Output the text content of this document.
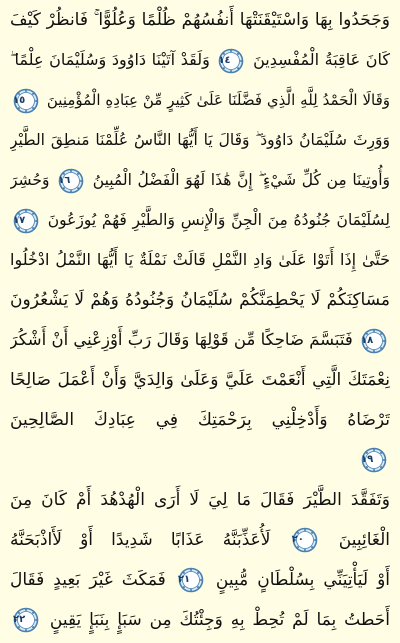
وَجَحَدُوا بِهَا وَاسْتَيْقَنَتْهَا أَنفُسُهُمْ ظُلْمًا وَعُلُوًّا ۚ فَانظُرْ كَيْفَ
كَانَ عَاقِبَةُ الْمُفْسِدِينَ
١٤
وَلَقَدْ آتَيْنَا دَاوُودَ وَسُلَيْمَانَ عِلْمًا ۖ
وَقَالَا الْحَمْدُ لِلَّهِ الَّذِي فَضَّلَنَا عَلَىٰ كَثِيرٍ مِّنْ عِبَادِهِ الْمُؤْمِنِينَ
١٥
وَوَرِثَ سُلَيْمَانُ دَاوُودَ ۖ وَقَالَ يَا أَيُّهَا النَّاسُ عُلِّمْنَا مَنطِقَ الطَّيْرِ
وَأُوتِينَا مِن كُلِّ شَيْءٍ ۖ إِنَّ هَٰذَا لَهُوَ الْفَضْلُ الْمُبِينُ
١٦
وَحُشِرَ
لِسُلَيْمَانَ جُنُودُهُ مِنَ الْجِنِّ وَالْإِنسِ وَالطَّيْرِ فَهُمْ يُوزَعُونَ
١٧
حَتَّىٰ إِذَا أَتَوْا عَلَىٰ وَادِ النَّمْلِ قَالَتْ نَمْلَةٌ يَا أَيُّهَا النَّمْلُ ادْخُلُوا
مَسَاكِنَكُمْ لَا يَحْطِمَنَّكُمْ سُلَيْمَانُ وَجُنُودُهُ وَهُمْ لَا يَشْعُرُونَ
١٨
فَتَبَسَّمَ ضَاحِكًا مِّن قَوْلِهَا وَقَالَ رَبِّ أَوْزِعْنِي أَنْ أَشْكُرَ
نِعْمَتَكَ الَّتِي أَنْعَمْتَ عَلَيَّ وَعَلَىٰ وَالِدَيَّ وَأَنْ أَعْمَلَ صَالِحًا
تَرْضَاهُ وَأَدْخِلْنِي بِرَحْمَتِكَ فِي عِبَادِكَ الصَّالِحِينَ
١٩
وَتَفَقَّدَ الطَّيْرَ فَقَالَ مَا لِيَ لَا أَرَى الْهُدْهُدَ أَمْ كَانَ مِنَ
الْغَائِبِينَ
٢٠
لَأُعَذِّبَنَّهُ عَذَابًا شَدِيدًا أَوْ لَأَاذْبَحَنَّهُ
أَوْ لَيَأْتِيَنِّي بِسُلْطَانٍ مُّبِينٍ
٢١
فَمَكَثَ غَيْرَ بَعِيدٍ فَقَالَ
أَحَطتُ بِمَا لَمْ تُحِطْ بِهِ وَجِئْتُكَ مِن سَبَإٍ بِنَبَإٍ يَقِينٍ
٢٢
